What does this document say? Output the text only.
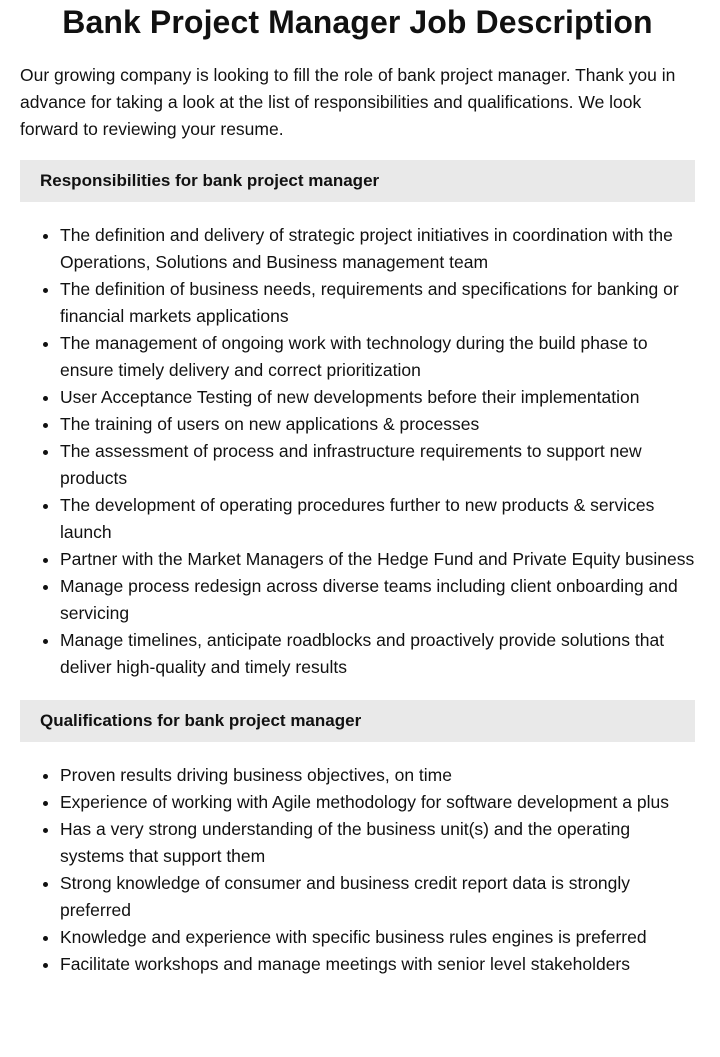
Bank Project Manager Job Description

Our growing company is looking to fill the role of bank project manager. Thank you in advance for taking a look at the list of responsibilities and qualifications. We look forward to reviewing your resume.

Responsibilities for bank project manager
• The definition and delivery of strategic project initiatives in coordination with the Operations, Solutions and Business management team
• The definition of business needs, requirements and specifications for banking or financial markets applications
• The management of ongoing work with technology during the build phase to ensure timely delivery and correct prioritization
• User Acceptance Testing of new developments before their implementation
• The training of users on new applications & processes
• The assessment of process and infrastructure requirements to support new products
• The development of operating procedures further to new products & services launch
• Partner with the Market Managers of the Hedge Fund and Private Equity business
• Manage process redesign across diverse teams including client onboarding and servicing
• Manage timelines, anticipate roadblocks and proactively provide solutions that deliver high-quality and timely results
Qualifications for bank project manager
• Proven results driving business objectives, on time
• Experience of working with Agile methodology for software development a plus
• Has a very strong understanding of the business unit(s) and the operating systems that support them
• Strong knowledge of consumer and business credit report data is strongly preferred
• Knowledge and experience with specific business rules engines is preferred
• Facilitate workshops and manage meetings with senior level stakeholders
